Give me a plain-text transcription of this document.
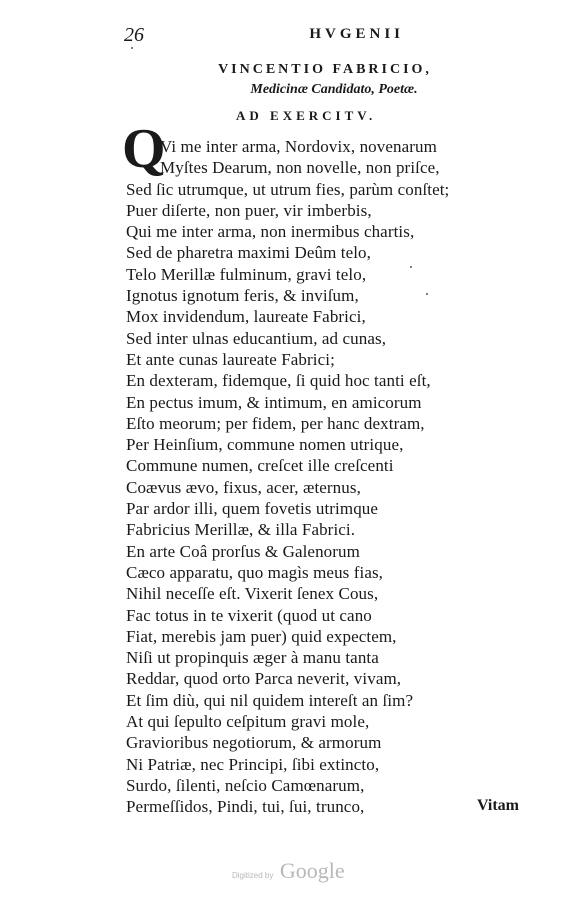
26	HVGENII
VINCENTIO FABRICIO,
Medicinæ Candidato, Poetæ.
AD EXERCITV.
Q
Vi me inter arma, Nordovix, novenarum
Myſtes Dearum, non novelle, non priſce,
Sed ſic utrumque, ut utrum fies, parùm conſtet;
Puer diſerte, non puer, vir imberbis,
Qui me inter arma, non inermibus chartis,
Sed de pharetra maximi Deûm telo,
Telo Merillæ fulminum, gravi telo,
Ignotus ignotum feris, & inviſum,
Mox invidendum, laureate Fabrici,
Sed inter ulnas educantium, ad cunas,
Et ante cunas laureate Fabrici;
En dexteram, fidemque, ſi quid hoc tanti eſt,
En pectus imum, & intimum, en amicorum
Eſto meorum; per fidem, per hanc dextram,
Per Heinſium, commune nomen utrique,
Commune numen, creſcet ille creſcenti
Coævus ævo, fixus, acer, æternus,
Par ardor illi, quem fovetis utrimque
Fabricius Merillæ, & illa Fabrici.
En arte Coâ prorſus & Galenorum
Cæco apparatu, quo magìs meus fias,
Nihil neceſſe eſt. Vixerit ſenex Cous,
Fac totus in te vixerit (quod ut cano
Fiat, merebis jam puer) quid expectem,
Niſi ut propinquis æger à manu tanta
Reddar, quod orto Parca neverit, vivam,
Et ſim diù, qui nil quidem intereſt an ſim?
At qui ſepulto ceſpitum gravi mole,
Gravioribus negotiorum, & armorum
Ni Patriæ, nec Principi, ſibi extincto,
Surdo, ſilenti, neſcio Camœnarum,
Permeſſidos, Pindi, tui, ſui, trunco,	Vitam
Digitized by Google
